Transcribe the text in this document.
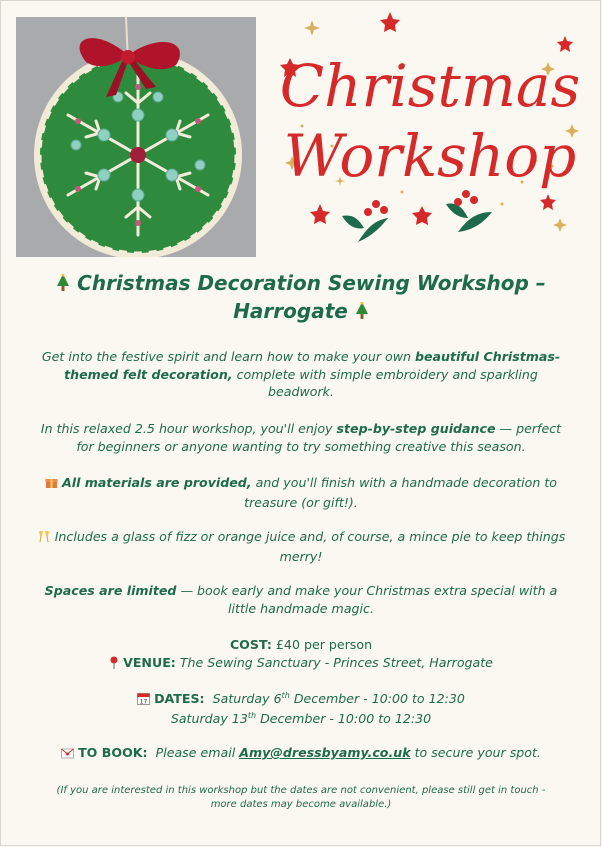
Christmas
Workshop
Christmas Decoration Sewing Workshop –
Harrogate
Get into the festive spirit and learn how to make your own beautiful Christmas-themed felt decoration, complete with simple embroidery and sparkling beadwork.
In this relaxed 2.5 hour workshop, you'll enjoy step-by-step guidance — perfect for beginners or anyone wanting to try something creative this season.
All materials are provided, and you'll finish with a handmade decoration to treasure (or gift!).
Includes a glass of fizz or orange juice and, of course, a mince pie to keep things merry!
Spaces are limited — book early and make your Christmas extra special with a little handmade magic.
COST: £40 per person
VENUE: The Sewing Sanctuary - Princes Street, Harrogate
17 DATES: Saturday 6th December - 10:00 to 12:30
Saturday 13th December - 10:00 to 12:30
TO BOOK: Please email Amy@dressbyamy.co.uk to secure your spot.
(If you are interested in this workshop but the dates are not convenient, please still get in touch -
more dates may become available.)
